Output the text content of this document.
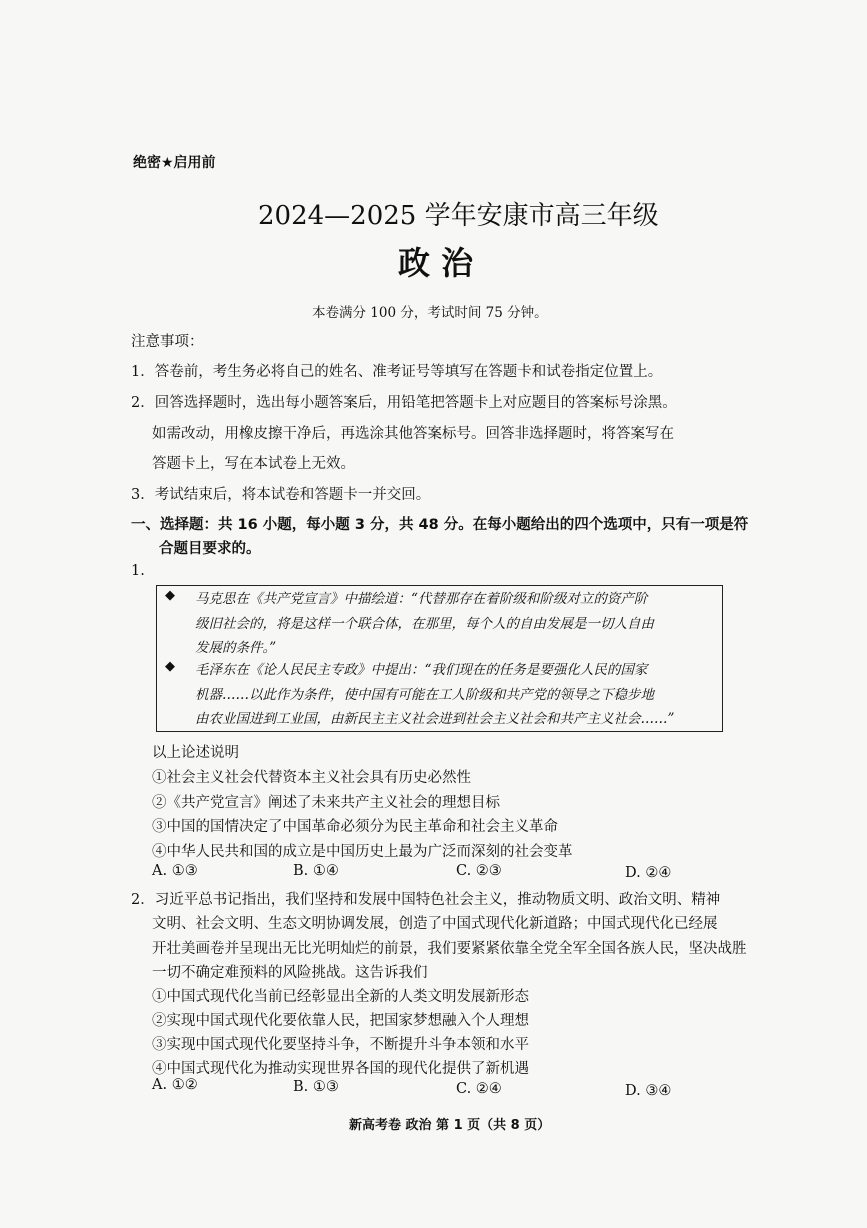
绝密★启用前
2024—2025 学年安康市高三年级
政 治
本卷满分 100 分，考试时间 75 分钟。
注意事项：
1．答卷前，考生务必将自己的姓名、准考证号等填写在答题卡和试卷指定位置上。
2．回答选择题时，选出每小题答案后，用铅笔把答题卡上对应题目的答案标号涂黑。
如需改动，用橡皮擦干净后，再选涂其他答案标号。回答非选择题时，将答案写在
答题卡上，写在本试卷上无效。
3．考试结束后，将本试卷和答题卡一并交回。
一、选择题：共 16 小题，每小题 3 分，共 48 分。在每小题给出的四个选项中，只有一项是符
合题目要求的。
1.
◆ 马克思在《共产党宣言》中描绘道：“代替那存在着阶级和阶级对立的资产阶
级旧社会的，将是这样一个联合体，在那里，每个人的自由发展是一切人自由
发展的条件。”
◆ 毛泽东在《论人民民主专政》中提出：“我们现在的任务是要强化人民的国家
机器……以此作为条件，使中国有可能在工人阶级和共产党的领导之下稳步地
由农业国进到工业国，由新民主主义社会进到社会主义社会和共产主义社会……”
以上论述说明
①社会主义社会代替资本主义社会具有历史必然性
②《共产党宣言》阐述了未来共产主义社会的理想目标
③中国的国情决定了中国革命必须分为民主革命和社会主义革命
④中华人民共和国的成立是中国历史上最为广泛而深刻的社会变革
A. ①③	B. ①④	C. ②③	D. ②④
2．习近平总书记指出，我们坚持和发展中国特色社会主义，推动物质文明、政治文明、精神
文明、社会文明、生态文明协调发展，创造了中国式现代化新道路；中国式现代化已经展
开壮美画卷并呈现出无比光明灿烂的前景，我们要紧紧依靠全党全军全国各族人民，坚决战胜
一切不确定难预料的风险挑战。这告诉我们
①中国式现代化当前已经彰显出全新的人类文明发展新形态
②实现中国式现代化要依靠人民，把国家梦想融入个人理想
③实现中国式现代化要坚持斗争，不断提升斗争本领和水平
④中国式现代化为推动实现世界各国的现代化提供了新机遇
A. ①②	B. ①③	C. ②④	D. ③④
新高考卷 政治 第 1 页（共 8 页）
